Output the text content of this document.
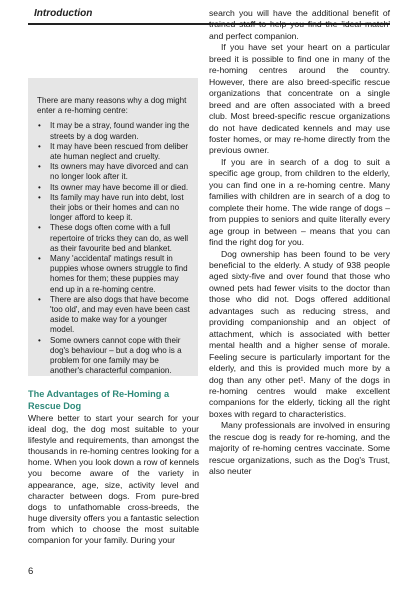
Introduction

There are many reasons why a dog might enter a re-homing centre:

• It may be a stray, found wander ing the streets by a dog warden.
• It may have been rescued from deliber ate human neglect and cruelty.
• Its owners may have divorced and can no longer look after it.
• Its owner may have become ill or died.
• Its family may have run into debt, lost their jobs or their homes and can no longer afford to keep it.
• These dogs often come with a full repertoire of tricks they can do, as well as their favourite bed and blanket.
• Many 'accidental' matings result in puppies whose owners struggle to find homes for them; these puppies may end up in a re-homing centre.
• There are also dogs that have become 'too old', and may even have been cast aside to make way for a younger model.
• Some owners cannot cope with their dog's behaviour – but a dog who is a problem for one family may be another's characterful companion.
The Advantages of Re-Homing a Rescue Dog

Where better to start your search for your ideal dog, the dog most suitable to your lifestyle and requirements, than amongst the thousands in re-homing centres looking for a home. When you look down a row of kennels you become aware of the variety in appearance, age, size, activity level and character between dogs. From pure-bred dogs to unfathomable cross-breeds, the huge diversity offers you a fantastic selection from which to choose the most suitable companion for your family. During your

search you will have the additional benefit of trained staff to help you find the 'ideal match' and perfect companion.

If you have set your heart on a particular breed it is possible to find one in many of the re-homing centres around the country. However, there are also breed-specific rescue organizations that concentrate on a single breed and are often associated with a breed club. Most breed-specific rescue organizations do not have dedicated kennels and may use foster homes, or may re-home directly from the previous owner.

If you are in search of a dog to suit a specific age group, from children to the elderly, you can find one in a re-homing centre. Many families with children are in search of a dog to complete their home. The wide range of dogs – from puppies to seniors and quite literally every age group in between – means that you can find the right dog for you.

Dog ownership has been found to be very beneficial to the elderly. A study of 938 people aged sixty-five and over found that those who owned pets had fewer visits to the doctor than those who did not. Dogs offered additional advantages such as reducing stress, and providing companionship and an object of attachment, which is associated with better mental health and a higher sense of morale. Feeling secure is particularly important for the elderly, and this is provided much more by a dog than any other pet¹. Many of the dogs in re-homing centres would make excellent companions for the elderly, ticking all the right boxes with regard to characteristics.

Many professionals are involved in ensuring the rescue dog is ready for re-homing, and the majority of re-homing centres vaccinate. Some rescue organizations, such as the Dog's Trust, also neuter

6
